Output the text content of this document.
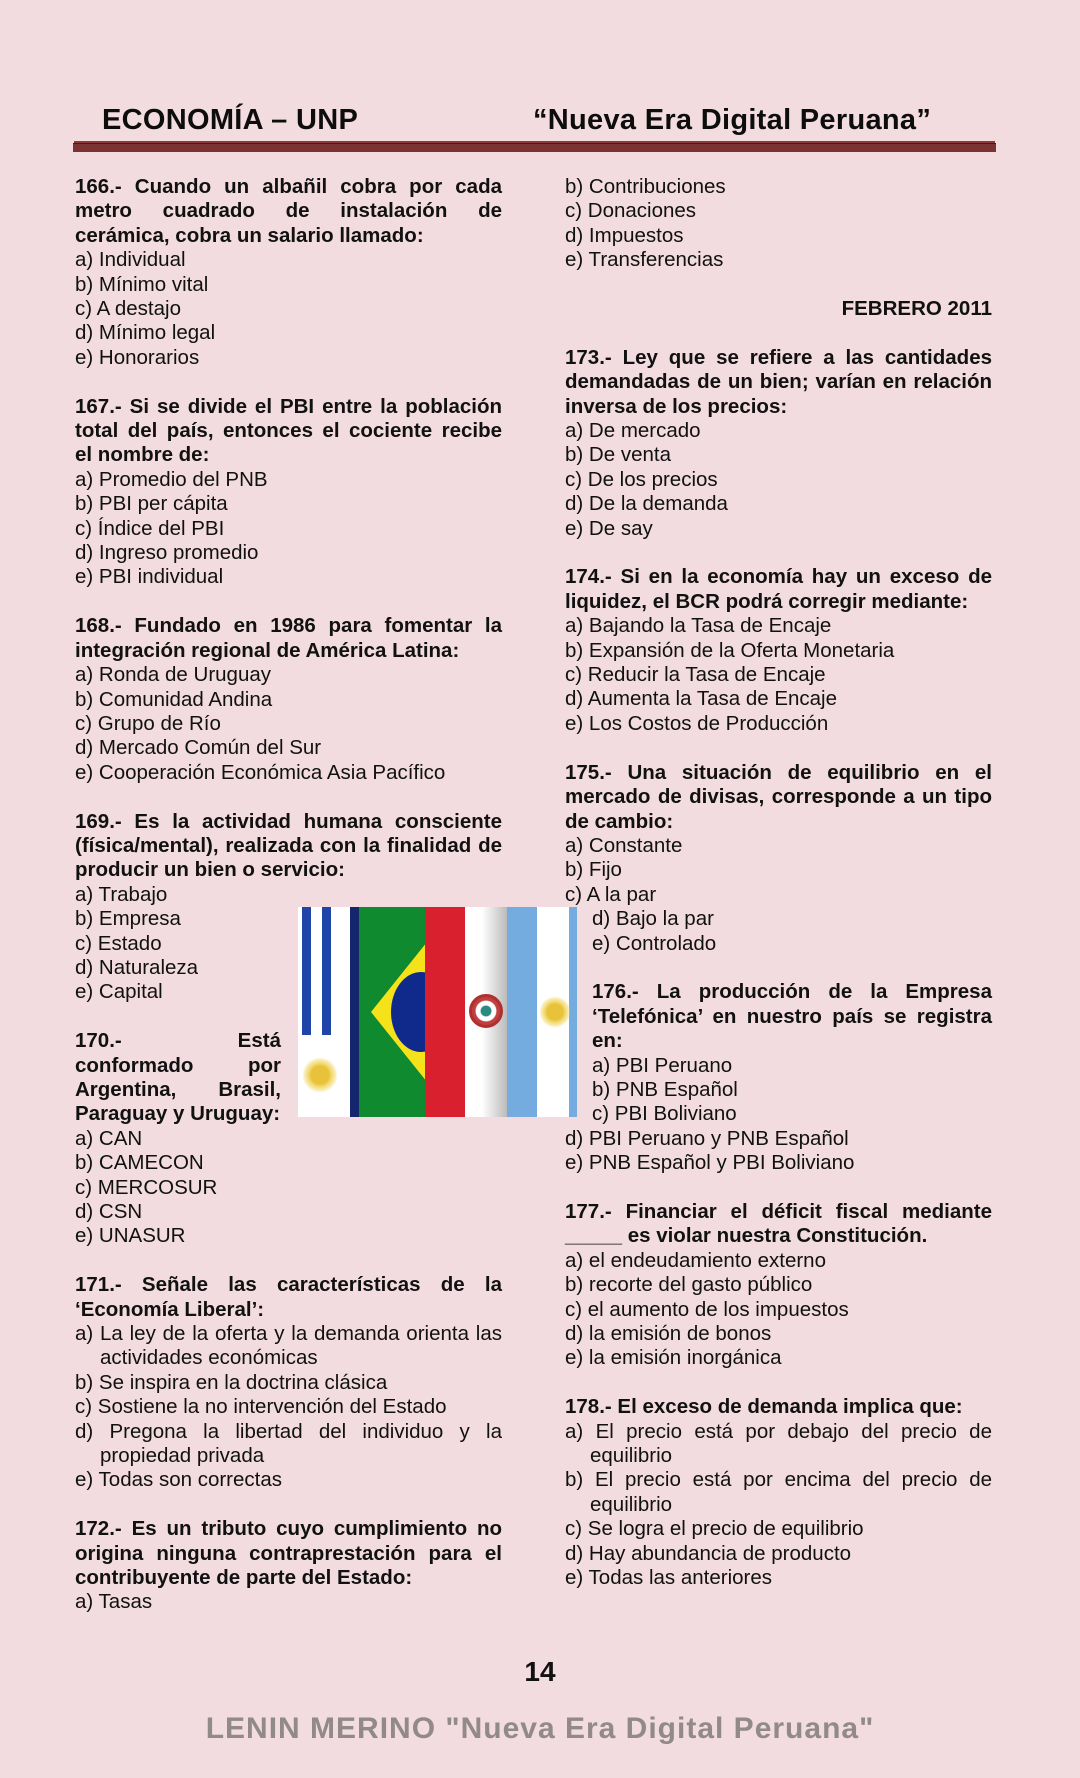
ECONOMÍA – UNP	“Nueva Era Digital Peruana”

166.- Cuando un albañil cobra por cada metro cuadrado de instalación de cerámica, cobra un salario llamado:

a) Individual

b) Mínimo vital

c) A destajo

d) Mínimo legal

e) Honorarios

167.- Si se divide el PBI entre la población total del país, entonces el cociente recibe el nombre de:

a) Promedio del PNB

b) PBI per cápita

c) Índice del PBI

d) Ingreso promedio

e) PBI individual

168.- Fundado en 1986 para fomentar la integración regional de América Latina:

a) Ronda de Uruguay

b) Comunidad Andina

c) Grupo de Río

d) Mercado Común del Sur

e) Cooperación Económica Asia Pacífico

169.- Es la actividad humana consciente (física/mental), realizada con la finalidad de producir un bien o servicio:

a) Trabajo

b) Empresa

c) Estado

d) Naturaleza

e) Capital

170.- Está conformado por Argentina, Brasil, Paraguay y Uruguay:

a) CAN

b) CAMECON

c) MERCOSUR

d) CSN

e) UNASUR

171.- Señale las características de la ‘Economía Liberal’:

a) La ley de la oferta y la demanda orienta las actividades económicas

b) Se inspira en la doctrina clásica

c) Sostiene la no intervención del Estado

d) Pregona la libertad del individuo y la propiedad privada

e) Todas son correctas

172.- Es un tributo cuyo cumplimiento no origina ninguna contraprestación para el contribuyente de parte del Estado:

a) Tasas

b) Contribuciones

c) Donaciones

d) Impuestos

e) Transferencias

FEBRERO 2011

173.- Ley que se refiere a las cantidades demandadas de un bien; varían en relación inversa de los precios:

a) De mercado

b) De venta

c) De los precios

d) De la demanda

e) De say

174.- Si en la economía hay un exceso de liquidez, el BCR podrá corregir mediante:

a) Bajando la Tasa de Encaje

b) Expansión de la Oferta Monetaria

c) Reducir la Tasa de Encaje

d) Aumenta la Tasa de Encaje

e) Los Costos de Producción

175.- Una situación de equilibrio en el mercado de divisas, corresponde a un tipo de cambio:

a) Constante

b) Fijo

c) A la par

d) Bajo la par

e) Controlado

176.- La producción de la Empresa ‘Telefónica’ en nuestro país se registra en:

a) PBI Peruano

b) PNB Español

c) PBI Boliviano

d) PBI Peruano y PNB Español

e) PNB Español y PBI Boliviano

177.- Financiar el déficit fiscal mediante _____ es violar nuestra Constitución.

a) el endeudamiento externo

b) recorte del gasto público

c) el aumento de los impuestos

d) la emisión de bonos

e) la emisión inorgánica

178.- El exceso de demanda implica que:

a) El precio está por debajo del precio de equilibrio

b) El precio está por encima del precio de equilibrio

c) Se logra el precio de equilibrio

d) Hay abundancia de producto

e) Todas las anteriores

14
LENIN MERINO "Nueva Era Digital Peruana"
